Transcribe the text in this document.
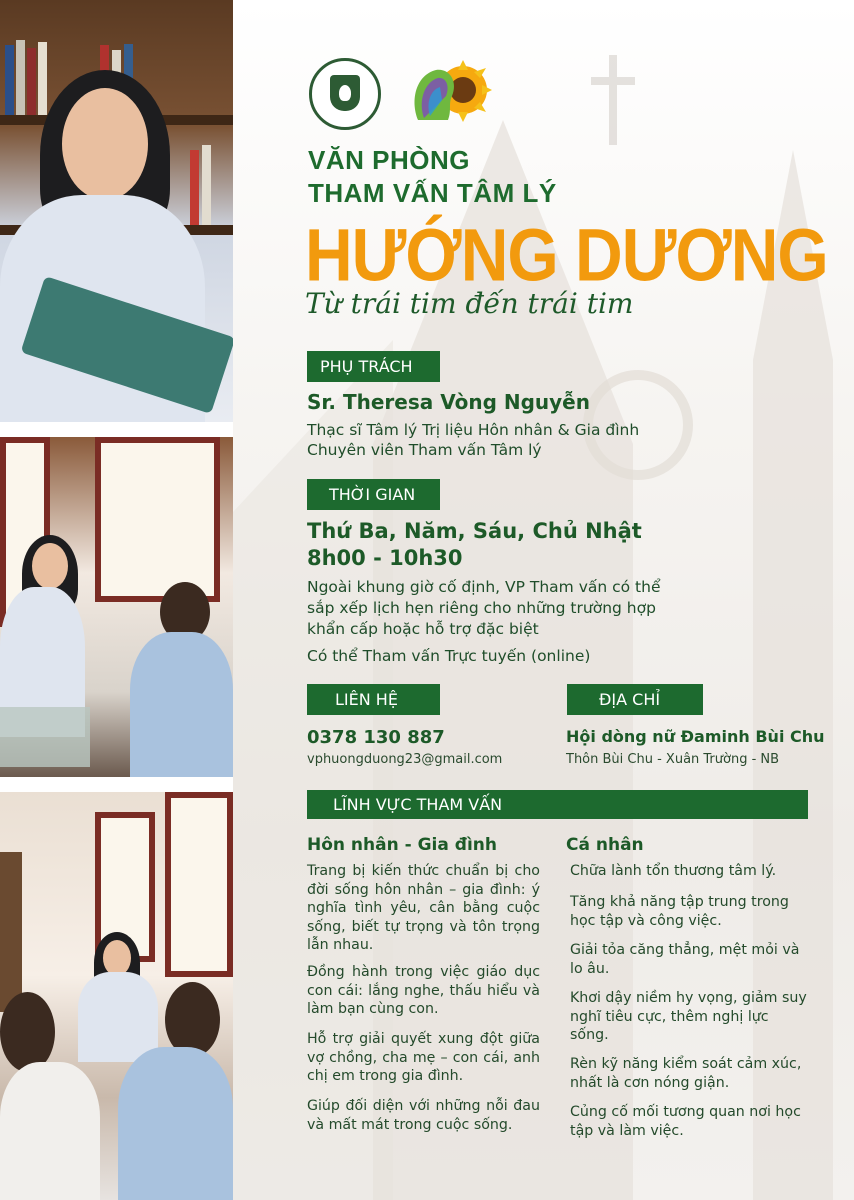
VĂN PHÒNG
THAM VẤN TÂM LÝ
HƯỚNG DƯƠNG
Từ trái tim đến trái tim
PHỤ TRÁCH
Sr. Theresa Vòng Nguyễn
Thạc sĩ Tâm lý Trị liệu Hôn nhân & Gia đình
Chuyên viên Tham vấn Tâm lý
THỜI GIAN
Thứ Ba, Năm, Sáu, Chủ Nhật
8h00 - 10h30
Ngoài khung giờ cố định, VP Tham vấn có thể
sắp xếp lịch hẹn riêng cho những trường hợp
khẩn cấp hoặc hỗ trợ đặc biệt
Có thể Tham vấn Trực tuyến (online)
LIÊN HỆ
0378 130 887
vphuongduong23@gmail.com
ĐỊA CHỈ
Hội dòng nữ Đaminh Bùi Chu
Thôn Bùi Chu - Xuân Trường - NB
LĨNH VỰC THAM VẤN
Hôn nhân - Gia đình
Trang bị kiến thức chuẩn bị cho đời sống hôn nhân – gia đình: ý nghĩa tình yêu, cân bằng cuộc sống, biết tự trọng và tôn trọng lẫn nhau.
Đồng hành trong việc giáo dục con cái: lắng nghe, thấu hiểu và làm bạn cùng con.
Hỗ trợ giải quyết xung đột giữa vợ chồng, cha mẹ – con cái, anh chị em trong gia đình.
Giúp đối diện với những nỗi đau và mất mát trong cuộc sống.
Cá nhân
Chữa lành tổn thương tâm lý.
Tăng khả năng tập trung trong học tập và công việc.
Giải tỏa căng thẳng, mệt mỏi và lo âu.
Khơi dậy niềm hy vọng, giảm suy nghĩ tiêu cực, thêm nghị lực sống.
Rèn kỹ năng kiểm soát cảm xúc, nhất là cơn nóng giận.
Củng cố mối tương quan nơi học tập và làm việc.
